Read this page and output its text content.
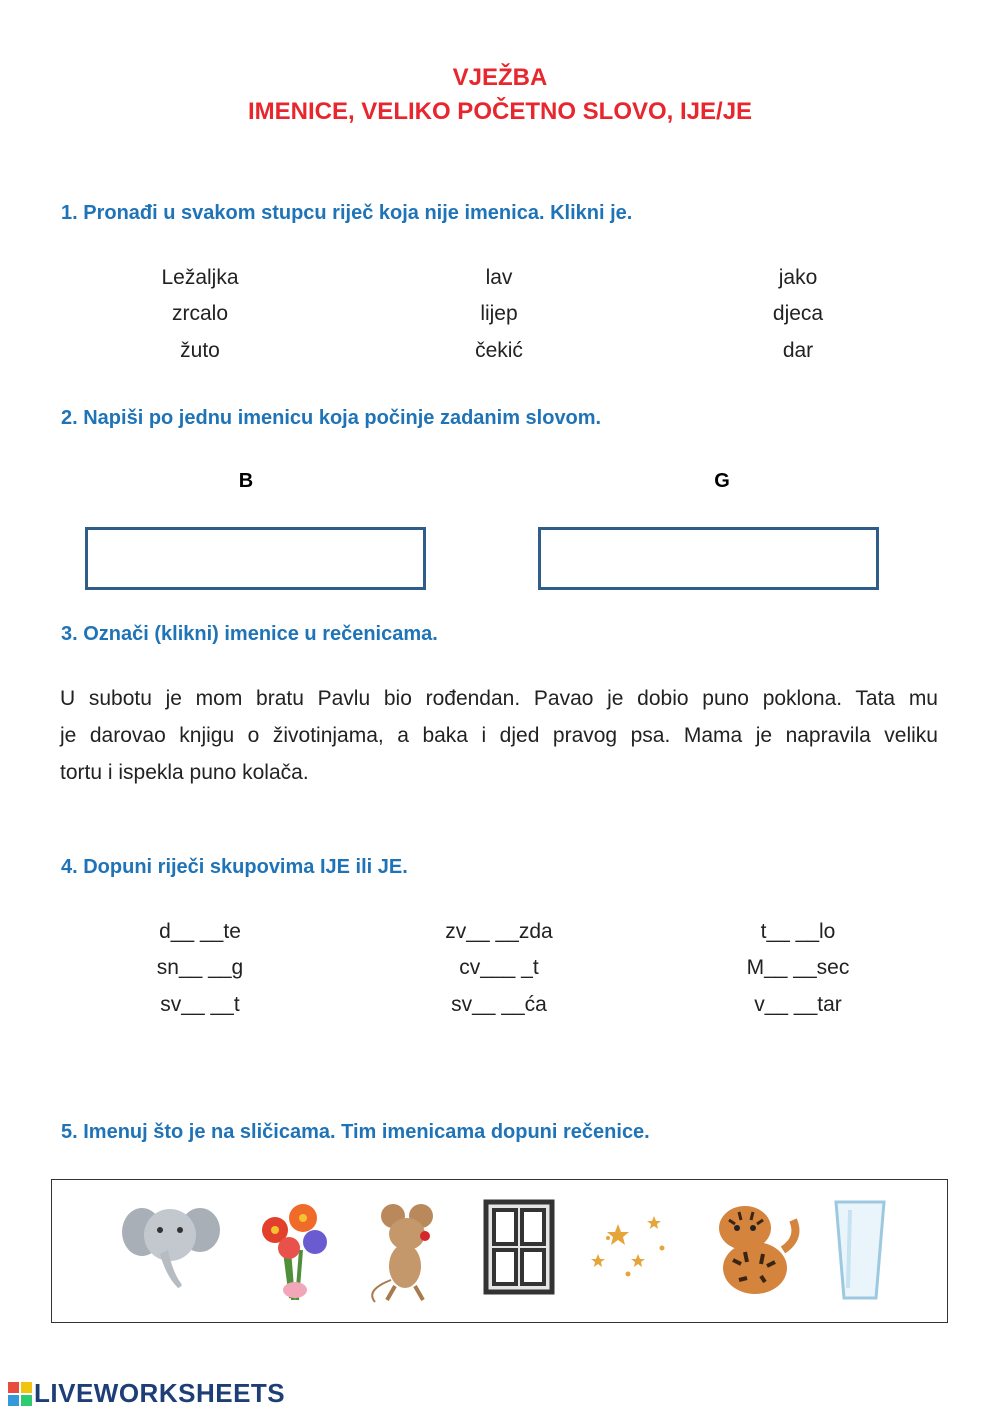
VJEŽBA
IMENICE, VELIKO POČETNO SLOVO, IJE/JE
1. Pronađi u svakom stupcu riječ koja nije imenica. Klikni je.
Ležaljka
zrcalo
žuto
lav
lijep
čekić
jako
djeca
dar
2. Napiši po jednu imenicu koja počinje zadanim slovom.
B	G
3. Označi (klikni) imenice u rečenicama.
U subotu je mom bratu Pavlu bio rođendan. Pavao je dobio puno poklona. Tata mu
je darovao knjigu o životinjama, a baka i djed pravog psa. Mama je napravila veliku
tortu i ispekla puno kolača.
4. Dopuni riječi skupovima IJE ili JE.
d__ __te
sn__ __g
sv__ __t
zv__ __zda
cv___ _t
sv__ __ća
t__ __lo
M__ __sec
v__ __tar
5. Imenuj što je na sličicama. Tim imenicama dopuni rečenice.
LIVEWORKSHEETS
